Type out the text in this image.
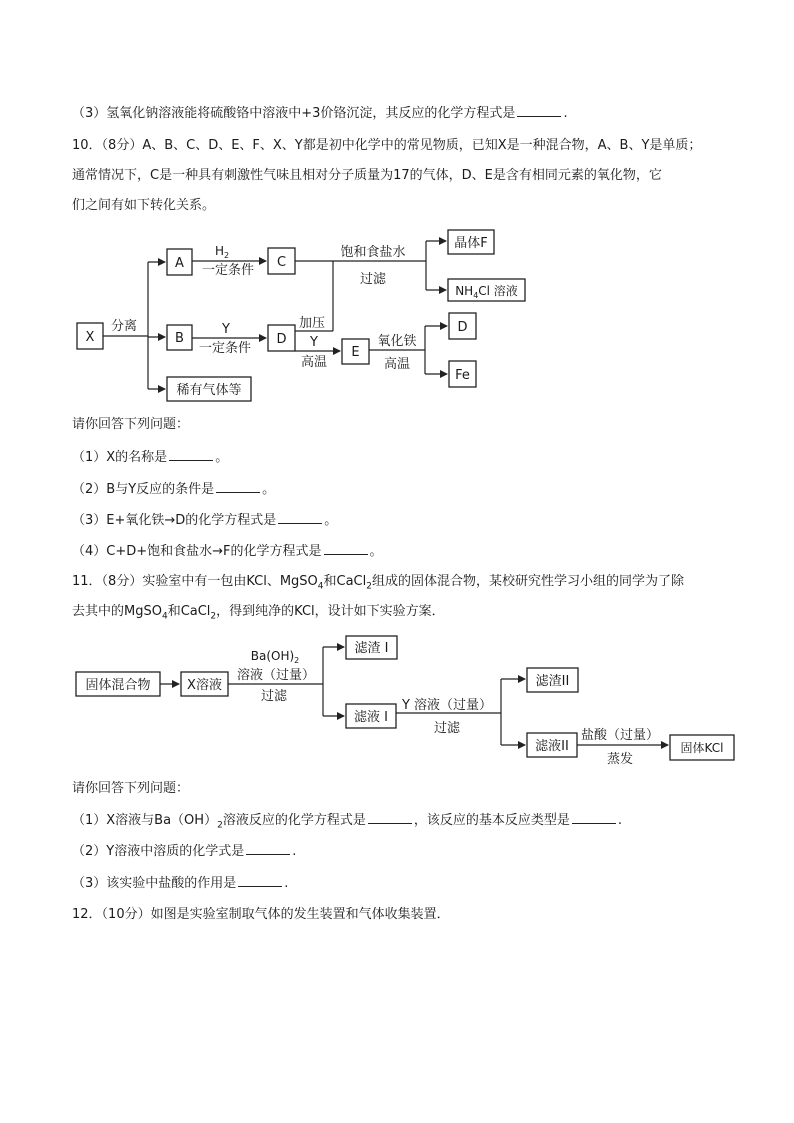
（3）氢氧化钠溶液能将硫酸铬中溶液中+3价铬沉淀，其反应的化学方程式是	.
10．（8分）A、B、C、D、E、F、X、Y都是初中化学中的常见物质，已知X是一种混合物，A、B、Y是单质；
通常情况下，C是一种具有刺激性气味且相对分子质量为17的气体，D、E是含有相同元素的氧化物，它
们之间有如下转化关系。
X
分离
A
$H_2$
一定条件
C
饱和食盐水
过滤
晶体F
$NH_4Cl$ 溶液
B
Y
一定条件
D
加压
Y
高温
E
氧化铁
高温
D
Fe
稀有气体等
请你回答下列问题：
（1）X的名称是	。
（2）B与Y反应的条件是	。
（3）E+氧化铁→D的化学方程式是	。
（4）C+D+饱和食盐水→F的化学方程式是	。
11．（8分）实验室中有一包由KCl、MgSO$_4$和CaCl$_2$组成的固体混合物，某校研究性学习小组的同学为了除
去其中的MgSO$_4$和CaCl$_2$，得到纯净的KCl，设计如下实验方案．
固体混合物	X溶液
$Ba(OH)_2$
溶液（过量）
过滤
滤渣 I
滤液 I
Y 溶液（过量）
过滤
滤渣II
滤液II
盐酸（过量）
蒸发
固体KCl
请你回答下列问题：
（1）X溶液与$Ba(OH)_2$溶液反应的化学方程式是	，该反应的基本反应类型是	.
（2）Y溶液中溶质的化学式是	.
（3）该实验中盐酸的作用是	.
12．（10分）如图是实验室制取气体的发生装置和气体收集装置．
